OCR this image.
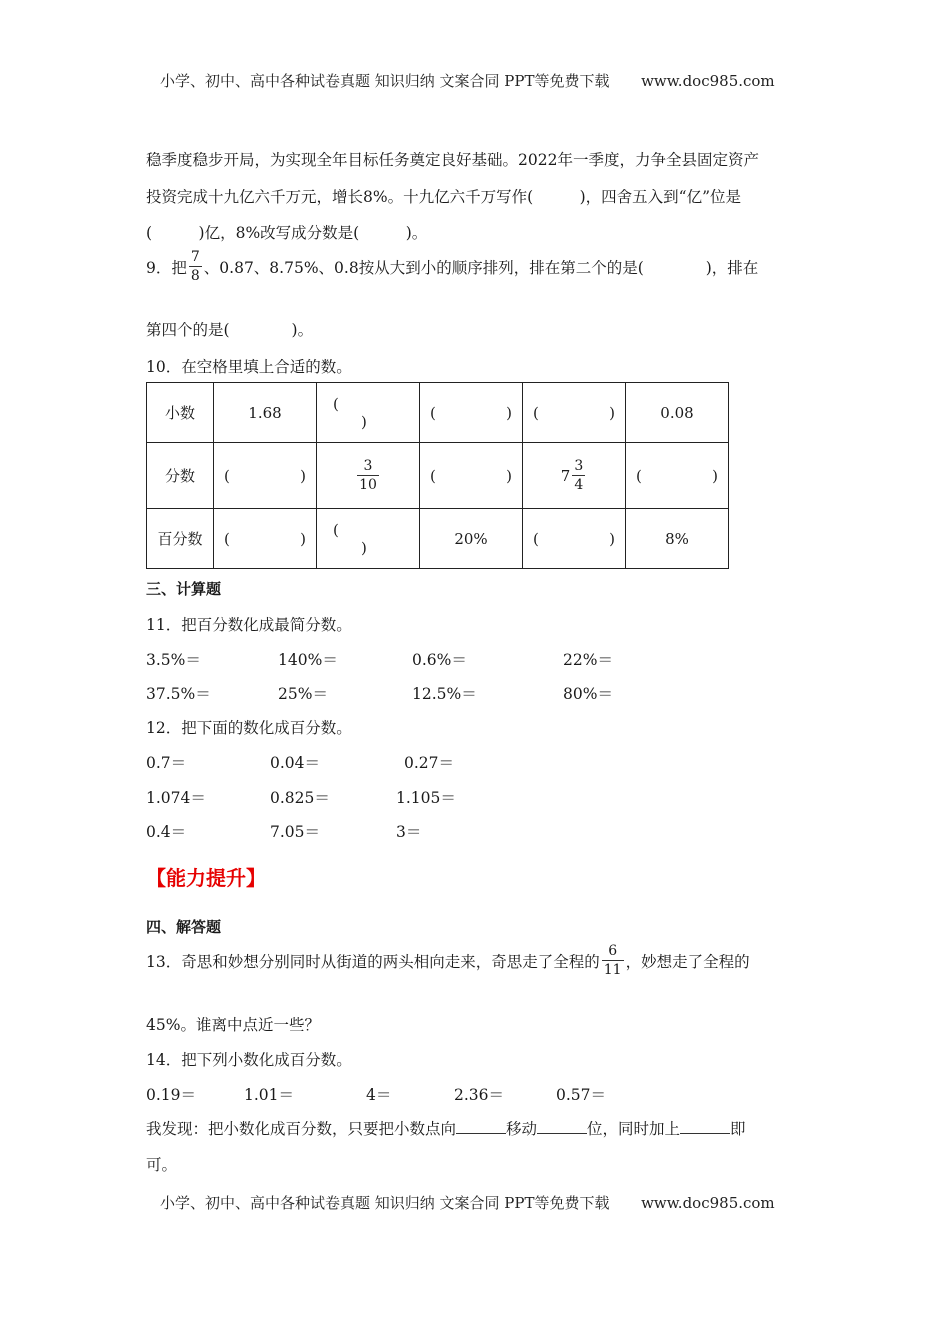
小学、初中、高中各种试卷真题 知识归纳 文案合同 PPT等免费下载 www.doc985.com
稳季度稳步开局，为实现全年目标任务奠定良好基础。2022年一季度，力争全县固定资产
投资完成十九亿六千万元，增长8%。十九亿六千万写作(　　　)，四舍五入到“亿”位是
(　　　)亿，8%改写成分数是(　　　)。
9．把 $\frac{7}{8}$ 、0.87、8.75%、0.8按从大到小的顺序排列，排在第二个的是(　　　　)，排在
第四个的是(　　　　)。
10．在空格里填上合适的数。
小数	1.68	(
)	( )	( )	0.08
分数	( )	$\frac{3}{10}$	( )	$7 \frac{3}{4}$	( )

百分数	( )	(
)	20%	( )	8%
三、计算题
11．把百分数化成最简分数。
3.5%＝	140%＝	0.6%＝	22%＝
37.5%＝	25%＝	12.5%＝	80%＝
12．把下面的数化成百分数。
0.7＝	0.04＝	0.27＝
1.074＝	0.825＝	1.105＝
0.4＝	7.05＝	3＝
【能力提升】
四、解答题
13．奇思和妙想分别同时从街道的两头相向走来，奇思走了全程的 $\frac{6}{11}$ ，妙想走了全程的
45%。谁离中点近一些？
14．把下列小数化成百分数。
0.19＝	1.01＝	4＝	2.36＝	0.57＝
我发现：把小数化成百分数，只要把小数点向	移动	位，同时加上	即
可。
小学、初中、高中各种试卷真题 知识归纳 文案合同 PPT等免费下载 www.doc985.com
